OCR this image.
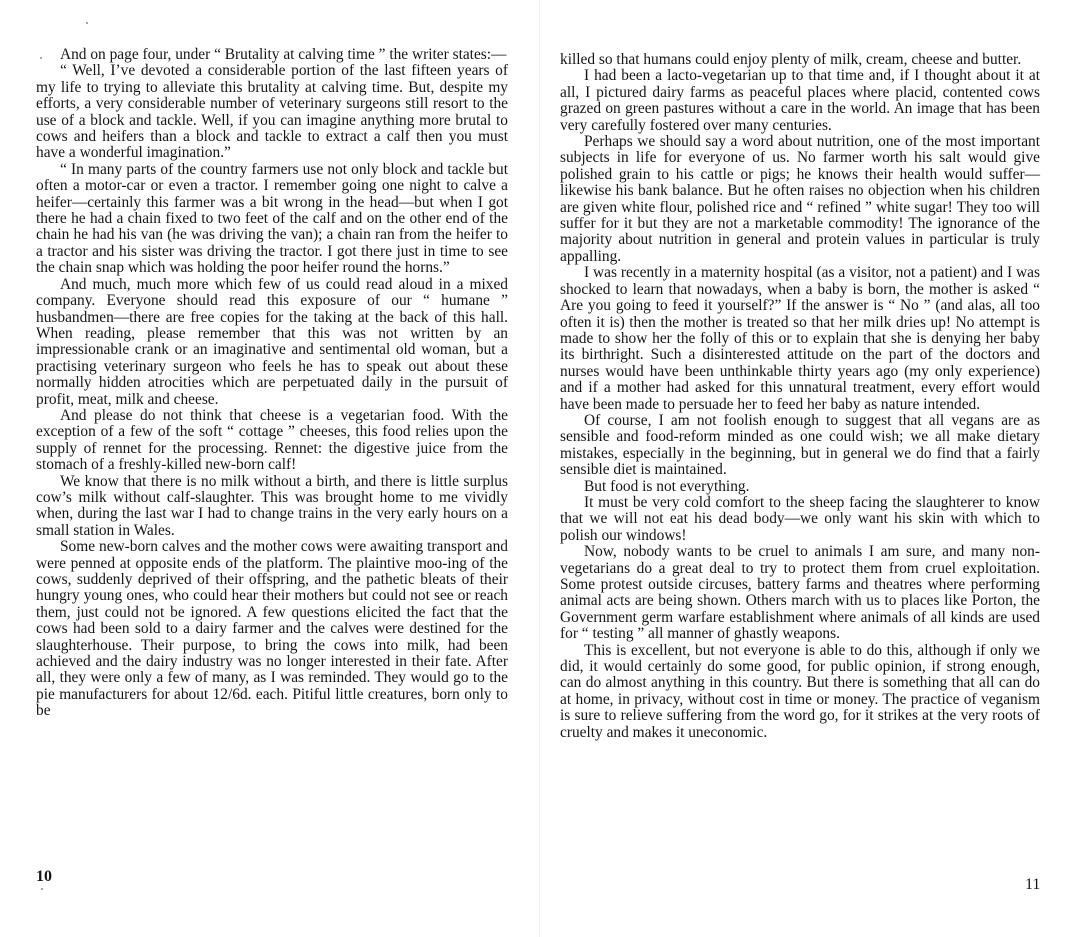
And on page four, under “ Brutality at calving time ” the writer states:—

“ Well, I’ve devoted a considerable portion of the last fifteen years of my life to trying to alleviate this brutality at calving time. But, despite my efforts, a very considerable number of veterinary surgeons still resort to the use of a block and tackle. Well, if you can imagine anything more brutal to cows and heifers than a block and tackle to extract a calf then you must have a wonderful imagination.”

“ In many parts of the country farmers use not only block and tackle but often a motor-car or even a tractor. I remember going one night to calve a heifer—certainly this farmer was a bit wrong in the head—but when I got there he had a chain fixed to two feet of the calf and on the other end of the chain he had his van (he was driving the van); a chain ran from the heifer to a tractor and his sister was driving the tractor. I got there just in time to see the chain snap which was holding the poor heifer round the horns.”

And much, much more which few of us could read aloud in a mixed company. Everyone should read this exposure of our “ humane ” husbandmen—there are free copies for the taking at the back of this hall. When reading, please remember that this was not written by an impressionable crank or an imaginative and sentimental old woman, but a practising veterinary surgeon who feels he has to speak out about these normally hidden atrocities which are perpetuated daily in the pursuit of profit, meat, milk and cheese.

And please do not think that cheese is a vegetarian food. With the exception of a few of the soft “ cottage ” cheeses, this food relies upon the supply of rennet for the processing. Rennet: the digestive juice from the stomach of a freshly-killed new-born calf!

We know that there is no milk without a birth, and there is little surplus cow’s milk without calf-slaughter. This was brought home to me vividly when, during the last war I had to change trains in the very early hours on a small station in Wales.

Some new-born calves and the mother cows were awaiting transport and were penned at opposite ends of the platform. The plaintive moo-ing of the cows, suddenly deprived of their offspring, and the pathetic bleats of their hungry young ones, who could hear their mothers but could not see or reach them, just could not be ignored. A few questions elicited the fact that the cows had been sold to a dairy farmer and the calves were destined for the slaughterhouse. Their purpose, to bring the cows into milk, had been achieved and the dairy industry was no longer interested in their fate. After all, they were only a few of many, as I was reminded. They would go to the pie manufacturers for about 12/6d. each. Pitiful little creatures, born only to be

10

killed so that humans could enjoy plenty of milk, cream, cheese and butter.

I had been a lacto-vegetarian up to that time and, if I thought about it at all, I pictured dairy farms as peaceful places where placid, contented cows grazed on green pastures without a care in the world. An image that has been very carefully fostered over many centuries.

Perhaps we should say a word about nutrition, one of the most important subjects in life for everyone of us. No farmer worth his salt would give polished grain to his cattle or pigs; he knows their health would suffer—likewise his bank balance. But he often raises no objection when his children are given white flour, polished rice and “ refined ” white sugar! They too will suffer for it but they are not a marketable commodity! The ignorance of the majority about nutrition in general and protein values in particular is truly appalling.

I was recently in a maternity hospital (as a visitor, not a patient) and I was shocked to learn that nowadays, when a baby is born, the mother is asked “ Are you going to feed it yourself?” If the answer is “ No ” (and alas, all too often it is) then the mother is treated so that her milk dries up! No attempt is made to show her the folly of this or to explain that she is denying her baby its birthright. Such a disinterested attitude on the part of the doctors and nurses would have been unthinkable thirty years ago (my only experience) and if a mother had asked for this unnatural treatment, every effort would have been made to persuade her to feed her baby as nature intended.

Of course, I am not foolish enough to suggest that all vegans are as sensible and food-reform minded as one could wish; we all make dietary mistakes, especially in the beginning, but in general we do find that a fairly sensible diet is maintained.

But food is not everything.

It must be very cold comfort to the sheep facing the slaughterer to know that we will not eat his dead body—we only want his skin with which to polish our windows!

Now, nobody wants to be cruel to animals I am sure, and many non-vegetarians do a great deal to try to protect them from cruel exploitation. Some protest outside circuses, battery farms and theatres where performing animal acts are being shown. Others march with us to places like Porton, the Government germ warfare establishment where animals of all kinds are used for “ testing ” all manner of ghastly weapons.

This is excellent, but not everyone is able to do this, although if only we did, it would certainly do some good, for public opinion, if strong enough, can do almost anything in this country. But there is something that all can do at home, in privacy, without cost in time or money. The practice of veganism is sure to relieve suffering from the word go, for it strikes at the very roots of cruelty and makes it uneconomic.

11
